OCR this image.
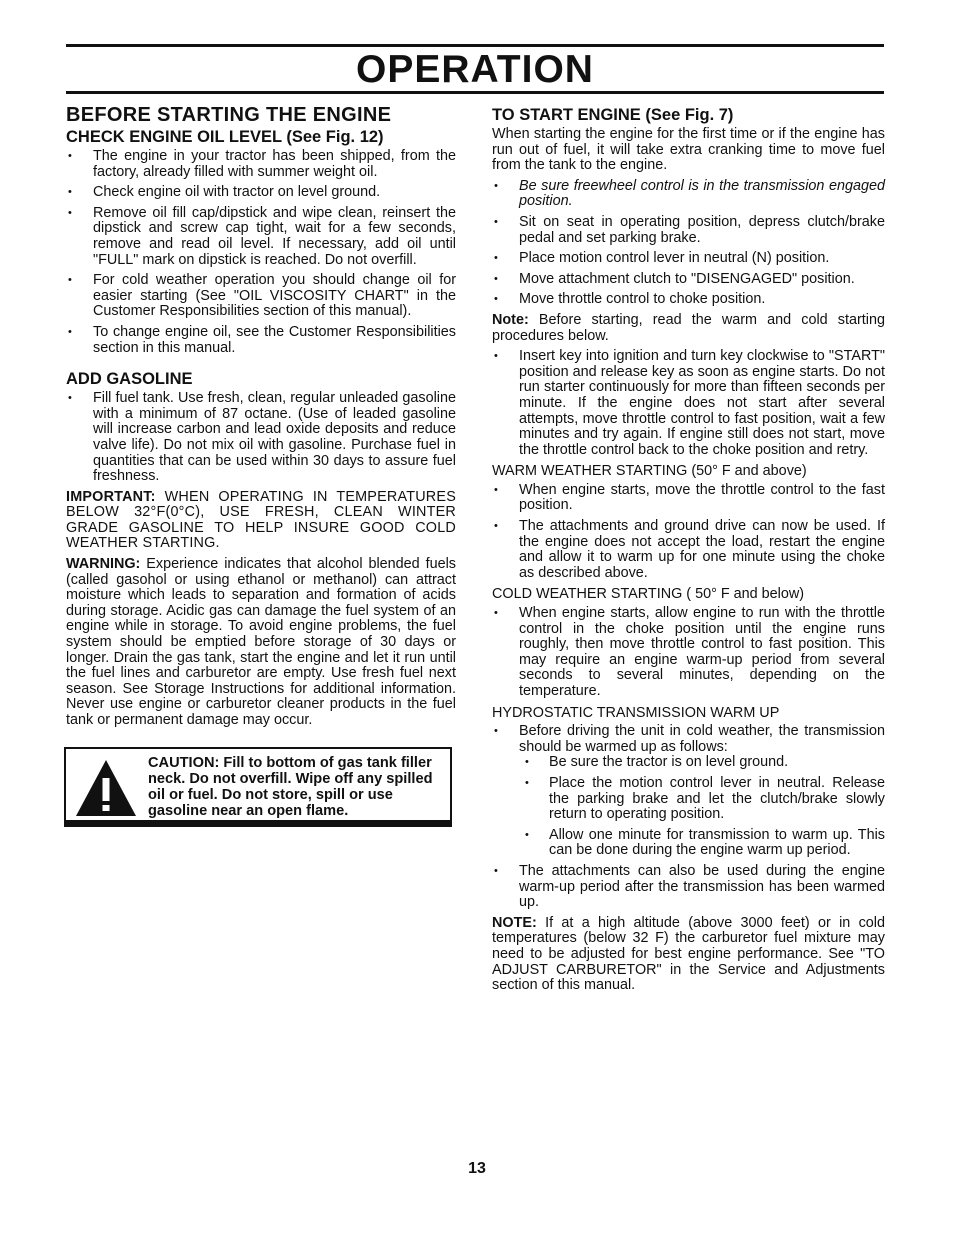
OPERATION
BEFORE STARTING THE ENGINE
CHECK ENGINE OIL LEVEL (See Fig. 12)
• The engine in your tractor has been shipped, from the factory, already filled with summer weight oil.
• Check engine oil with tractor on level ground.
• Remove oil fill cap/dipstick and wipe clean, reinsert the dipstick and screw cap tight, wait for a few seconds, remove and read oil level. If necessary, add oil until "FULL" mark on dipstick is reached. Do not overfill.
• For cold weather operation you should change oil for easier starting (See "OIL VISCOSITY CHART" in the Customer Responsibilities section of this manual).
• To change engine oil, see the Customer Responsibilities section in this manual.
ADD GASOLINE
• Fill fuel tank. Use fresh, clean, regular unleaded gasoline with a minimum of 87 octane. (Use of leaded gasoline will increase carbon and lead oxide deposits and reduce valve life). Do not mix oil with gasoline. Purchase fuel in quantities that can be used within 30 days to assure fuel freshness.

IMPORTANT: WHEN OPERATING IN TEMPERATURES BELOW 32°F(0°C), USE FRESH, CLEAN WINTER GRADE GASOLINE TO HELP INSURE GOOD COLD WEATHER STARTING.

WARNING: Experience indicates that alcohol blended fuels (called gasohol or using ethanol or methanol) can attract moisture which leads to separation and formation of acids during storage. Acidic gas can damage the fuel system of an engine while in storage. To avoid engine problems, the fuel system should be emptied before storage of 30 days or longer. Drain the gas tank, start the engine and let it run until the fuel lines and carburetor are empty. Use fresh fuel next season. See Storage Instructions for additional information. Never use engine or carburetor cleaner products in the fuel tank or permanent damage may occur.

CAUTION: Fill to bottom of gas tank filler neck. Do not overfill. Wipe off any spilled oil or fuel. Do not store, spill or use gasoline near an open flame.
TO START ENGINE (See Fig. 7)

When starting the engine for the first time or if the engine has run out of fuel, it will take extra cranking time to move fuel from the tank to the engine.

• Be sure freewheel control is in the transmission engaged position.
• Sit on seat in operating position, depress clutch/brake pedal and set parking brake.
• Place motion control lever in neutral (N) position.
• Move attachment clutch to "DISENGAGED" position.
• Move throttle control to choke position.

Note: Before starting, read the warm and cold starting procedures below.

• Insert key into ignition and turn key clockwise to "START" position and release key as soon as engine starts. Do not run starter continuously for more than fifteen seconds per minute. If the engine does not start after several attempts, move throttle control to fast position, wait a few minutes and try again. If engine still does not start, move the throttle control back to the choke position and retry.

WARM WEATHER STARTING (50° F and above)

• When engine starts, move the throttle control to the fast position.
• The attachments and ground drive can now be used. If the engine does not accept the load, restart the engine and allow it to warm up for one minute using the choke as described above.

COLD WEATHER STARTING ( 50° F and below)

• When engine starts, allow engine to run with the throttle control in the choke position until the engine runs roughly, then move throttle control to fast position. This may require an engine warm-up period from several seconds to several minutes, depending on the temperature.

HYDROSTATIC TRANSMISSION WARM UP

• Before driving the unit in cold weather, the transmission should be warmed up as follows:
• Be sure the tractor is on level ground.
• Place the motion control lever in neutral. Release the parking brake and let the clutch/brake slowly return to operating position.
• Allow one minute for transmission to warm up. This can be done during the engine warm up period.
• The attachments can also be used during the engine warm-up period after the transmission has been warmed up.

NOTE: If at a high altitude (above 3000 feet) or in cold temperatures (below 32 F) the carburetor fuel mixture may need to be adjusted for best engine performance. See "TO ADJUST CARBURETOR" in the Service and Adjustments section of this manual.

13
